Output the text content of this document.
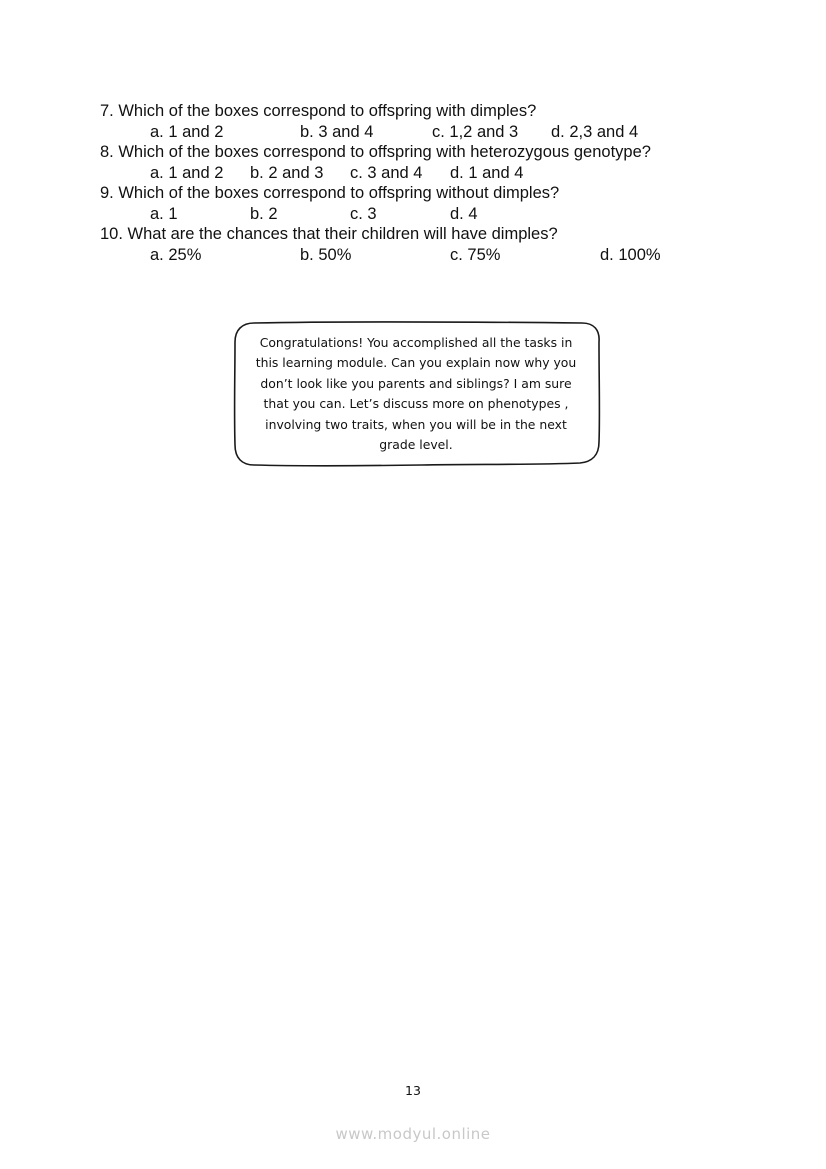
7. Which of the boxes correspond to offspring with dimples?
a. 1 and 2	b. 3 and 4	c. 1,2 and 3 d. 2,3 and 4
8. Which of the boxes correspond to offspring with heterozygous genotype?
a. 1 and 2 b. 2 and 3 c. 3 and 4 d. 1 and 4
9. Which of the boxes correspond to offspring without dimples?
a. 1	b. 2	c. 3	d. 4
10. What are the chances that their children will have dimples?
a. 25%	b. 50%	c. 75%	d. 100%
Congratulations! You accomplished all the tasks in
this learning module. Can you explain now why you
don’t look like you parents and siblings? I am sure
that you can. Let’s discuss more on phenotypes ,
involving two traits, when you will be in the next
grade level.
13
www.modyul.online
